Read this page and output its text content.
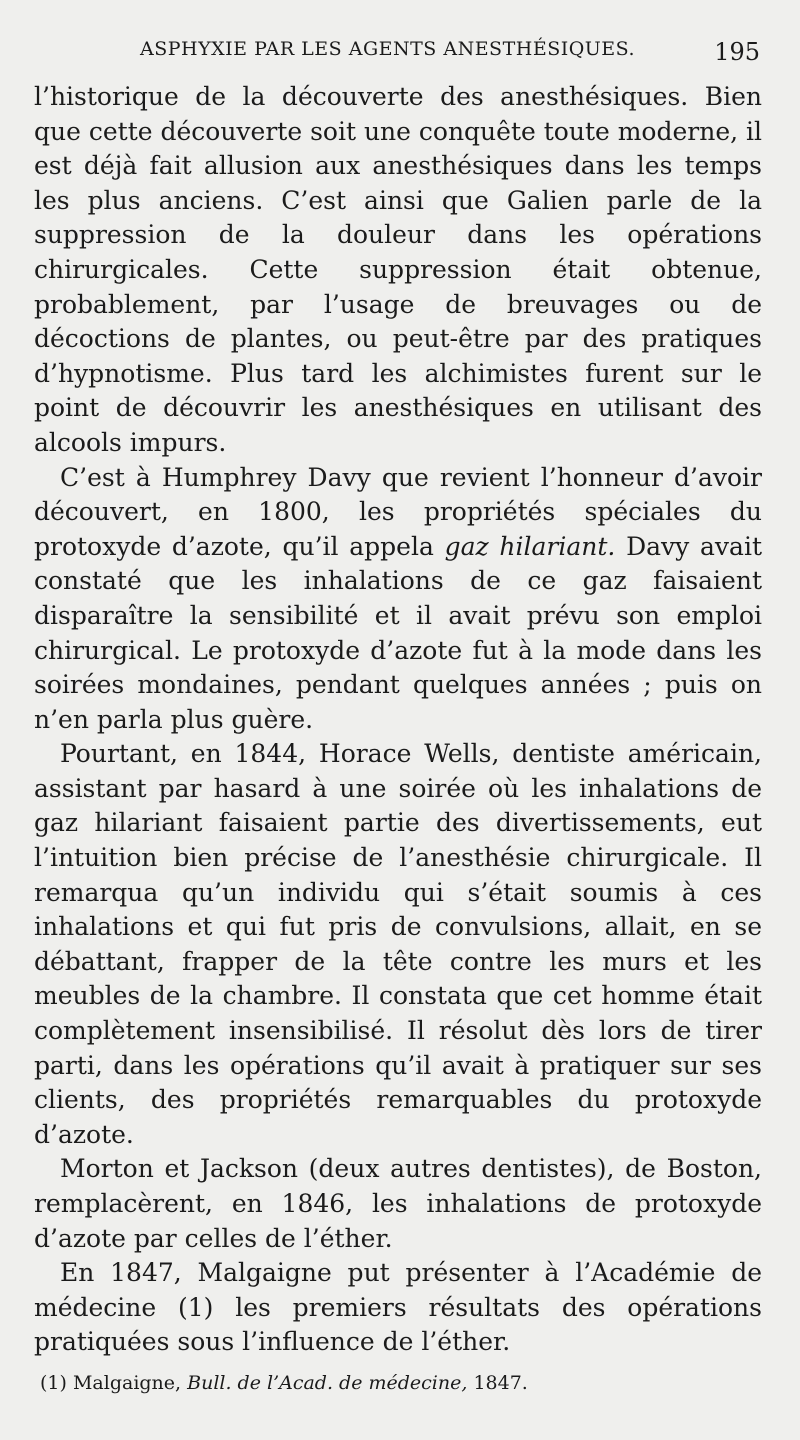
ASPHYXIE PAR LES AGENTS ANESTHÉSIQUES.	195

l’historique de la découverte des anesthésiques. Bien que cette découverte soit une conquête toute moderne, il est déjà fait allusion aux anesthésiques dans les temps les plus anciens. C’est ainsi que Galien parle de la suppression de la douleur dans les opérations chirurgicales. Cette suppression était obtenue, probablement, par l’usage de breuvages ou de décoctions de plantes, ou peut-être par des pratiques d’hypnotisme. Plus tard les alchimistes furent sur le point de découvrir les anesthésiques en utilisant des alcools impurs.

C’est à Humphrey Davy que revient l’honneur d’avoir découvert, en 1800, les propriétés spéciales du protoxyde d’azote, qu’il appela gaz hilariant. Davy avait constaté que les inhalations de ce gaz faisaient disparaître la sensibilité et il avait prévu son emploi chirurgical. Le protoxyde d’azote fut à la mode dans les soirées mondaines, pendant quelques années ; puis on n’en parla plus guère.

Pourtant, en 1844, Horace Wells, dentiste américain, assistant par hasard à une soirée où les inhalations de gaz hilariant faisaient partie des divertissements, eut l’intuition bien précise de l’anesthésie chirurgicale. Il remarqua qu’un individu qui s’était soumis à ces inhalations et qui fut pris de convulsions, allait, en se débattant, frapper de la tête contre les murs et les meubles de la chambre. Il constata que cet homme était complètement insensibilisé. Il résolut dès lors de tirer parti, dans les opérations qu’il avait à pratiquer sur ses clients, des propriétés remarquables du protoxyde d’azote.

Morton et Jackson (deux autres dentistes), de Boston, remplacèrent, en 1846, les inhalations de protoxyde d’azote par celles de l’éther.

En 1847, Malgaigne put présenter à l’Académie de médecine (1) les premiers résultats des opérations pratiquées sous l’influence de l’éther.

(1) Malgaigne, Bull. de l’Acad. de médecine, 1847.
